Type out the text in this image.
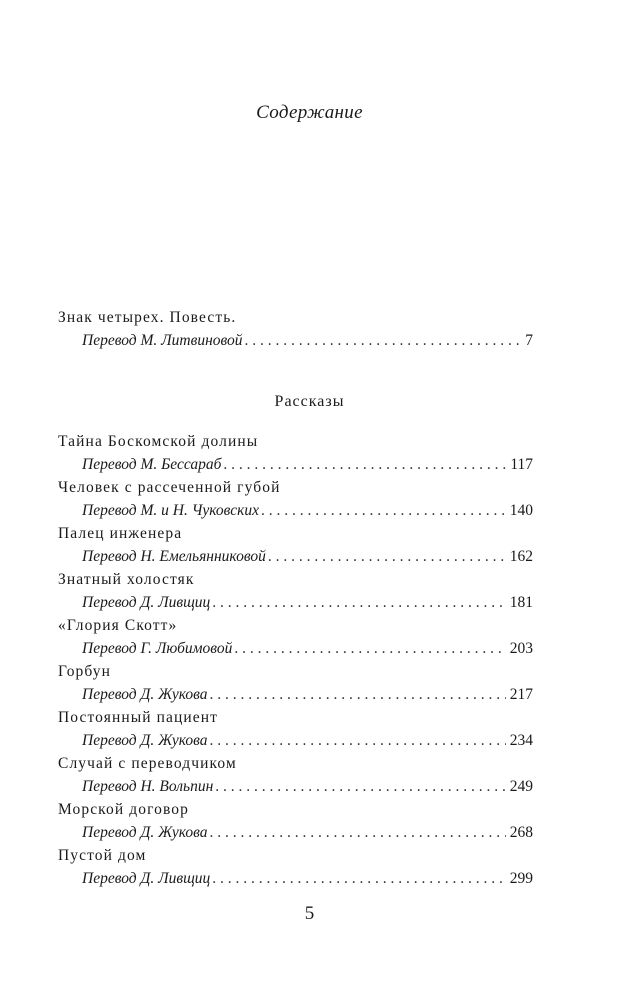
Содержание
Знак четырех. Повесть.
Перевод М. Литвиновой . . .	7
Рассказы
Тайна Боскомской долины
Перевод М. Бессараб . . .	117
Человек с рассеченной губой
Перевод М. и Н. Чуковских . . .	140
Палец инженера
Перевод Н. Емельянниковой . . .	162
Знатный холостяк
Перевод Д. Ливщиц . . .	181
«Глория Скотт»
Перевод Г. Любимовой . . .	203
Горбун
Перевод Д. Жукова . . .	217
Постоянный пациент
Перевод Д. Жукова . . .	234
Случай с переводчиком
Перевод Н. Вольпин . . .	249
Морской договор
Перевод Д. Жукова . . .	268
Пустой дом
Перевод Д. Ливщиц . . .	299
5
